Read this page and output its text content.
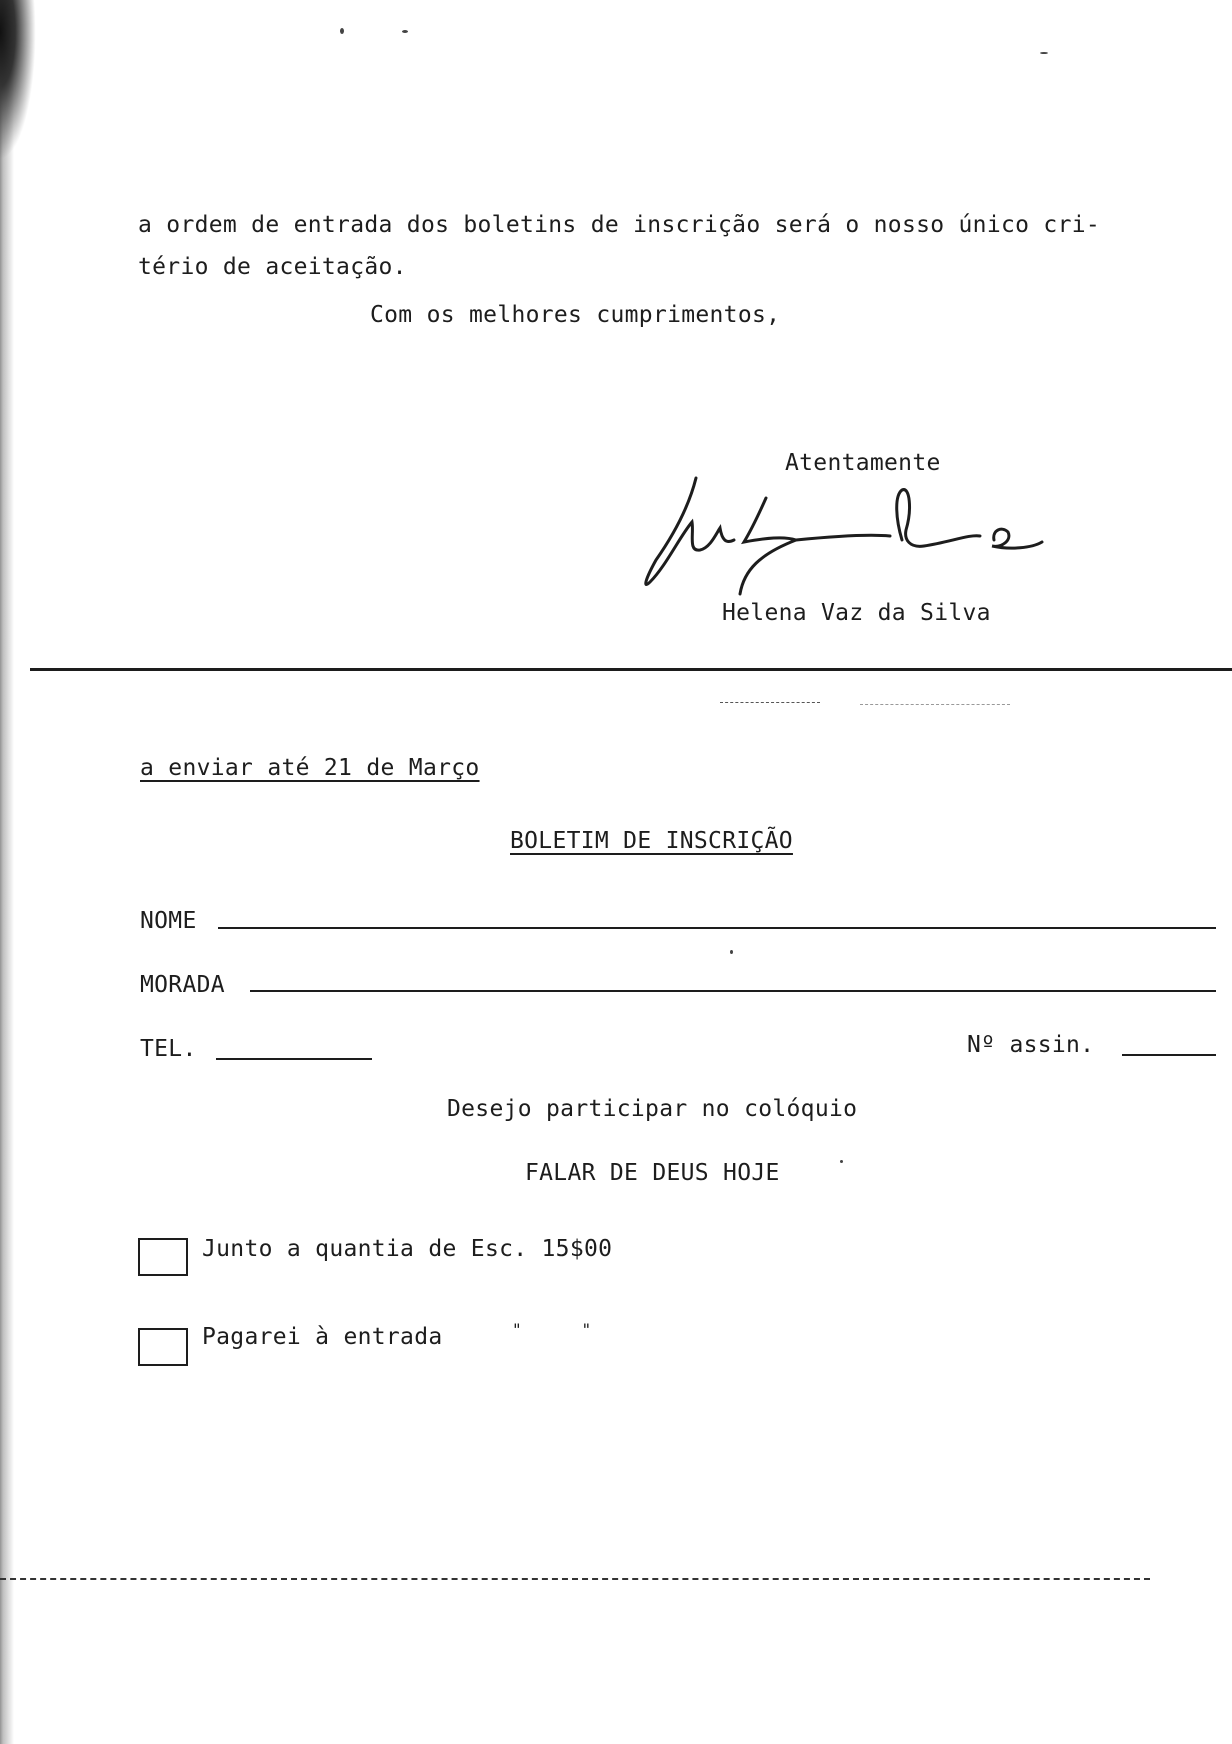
a ordem de entrada dos boletins de inscrição será o nosso único cri-
tério de aceitação.
Com os melhores cumprimentos,
Atentamente
Helena Vaz da Silva
a enviar até 21 de Março
BOLETIM DE INSCRIÇÃO
NOME
MORADA
TEL.	Nº assin.
Desejo participar no colóquio
FALAR DE DEUS HOJE
Junto a quantia de Esc. 15$00
Pagarei à entrada	"      "
